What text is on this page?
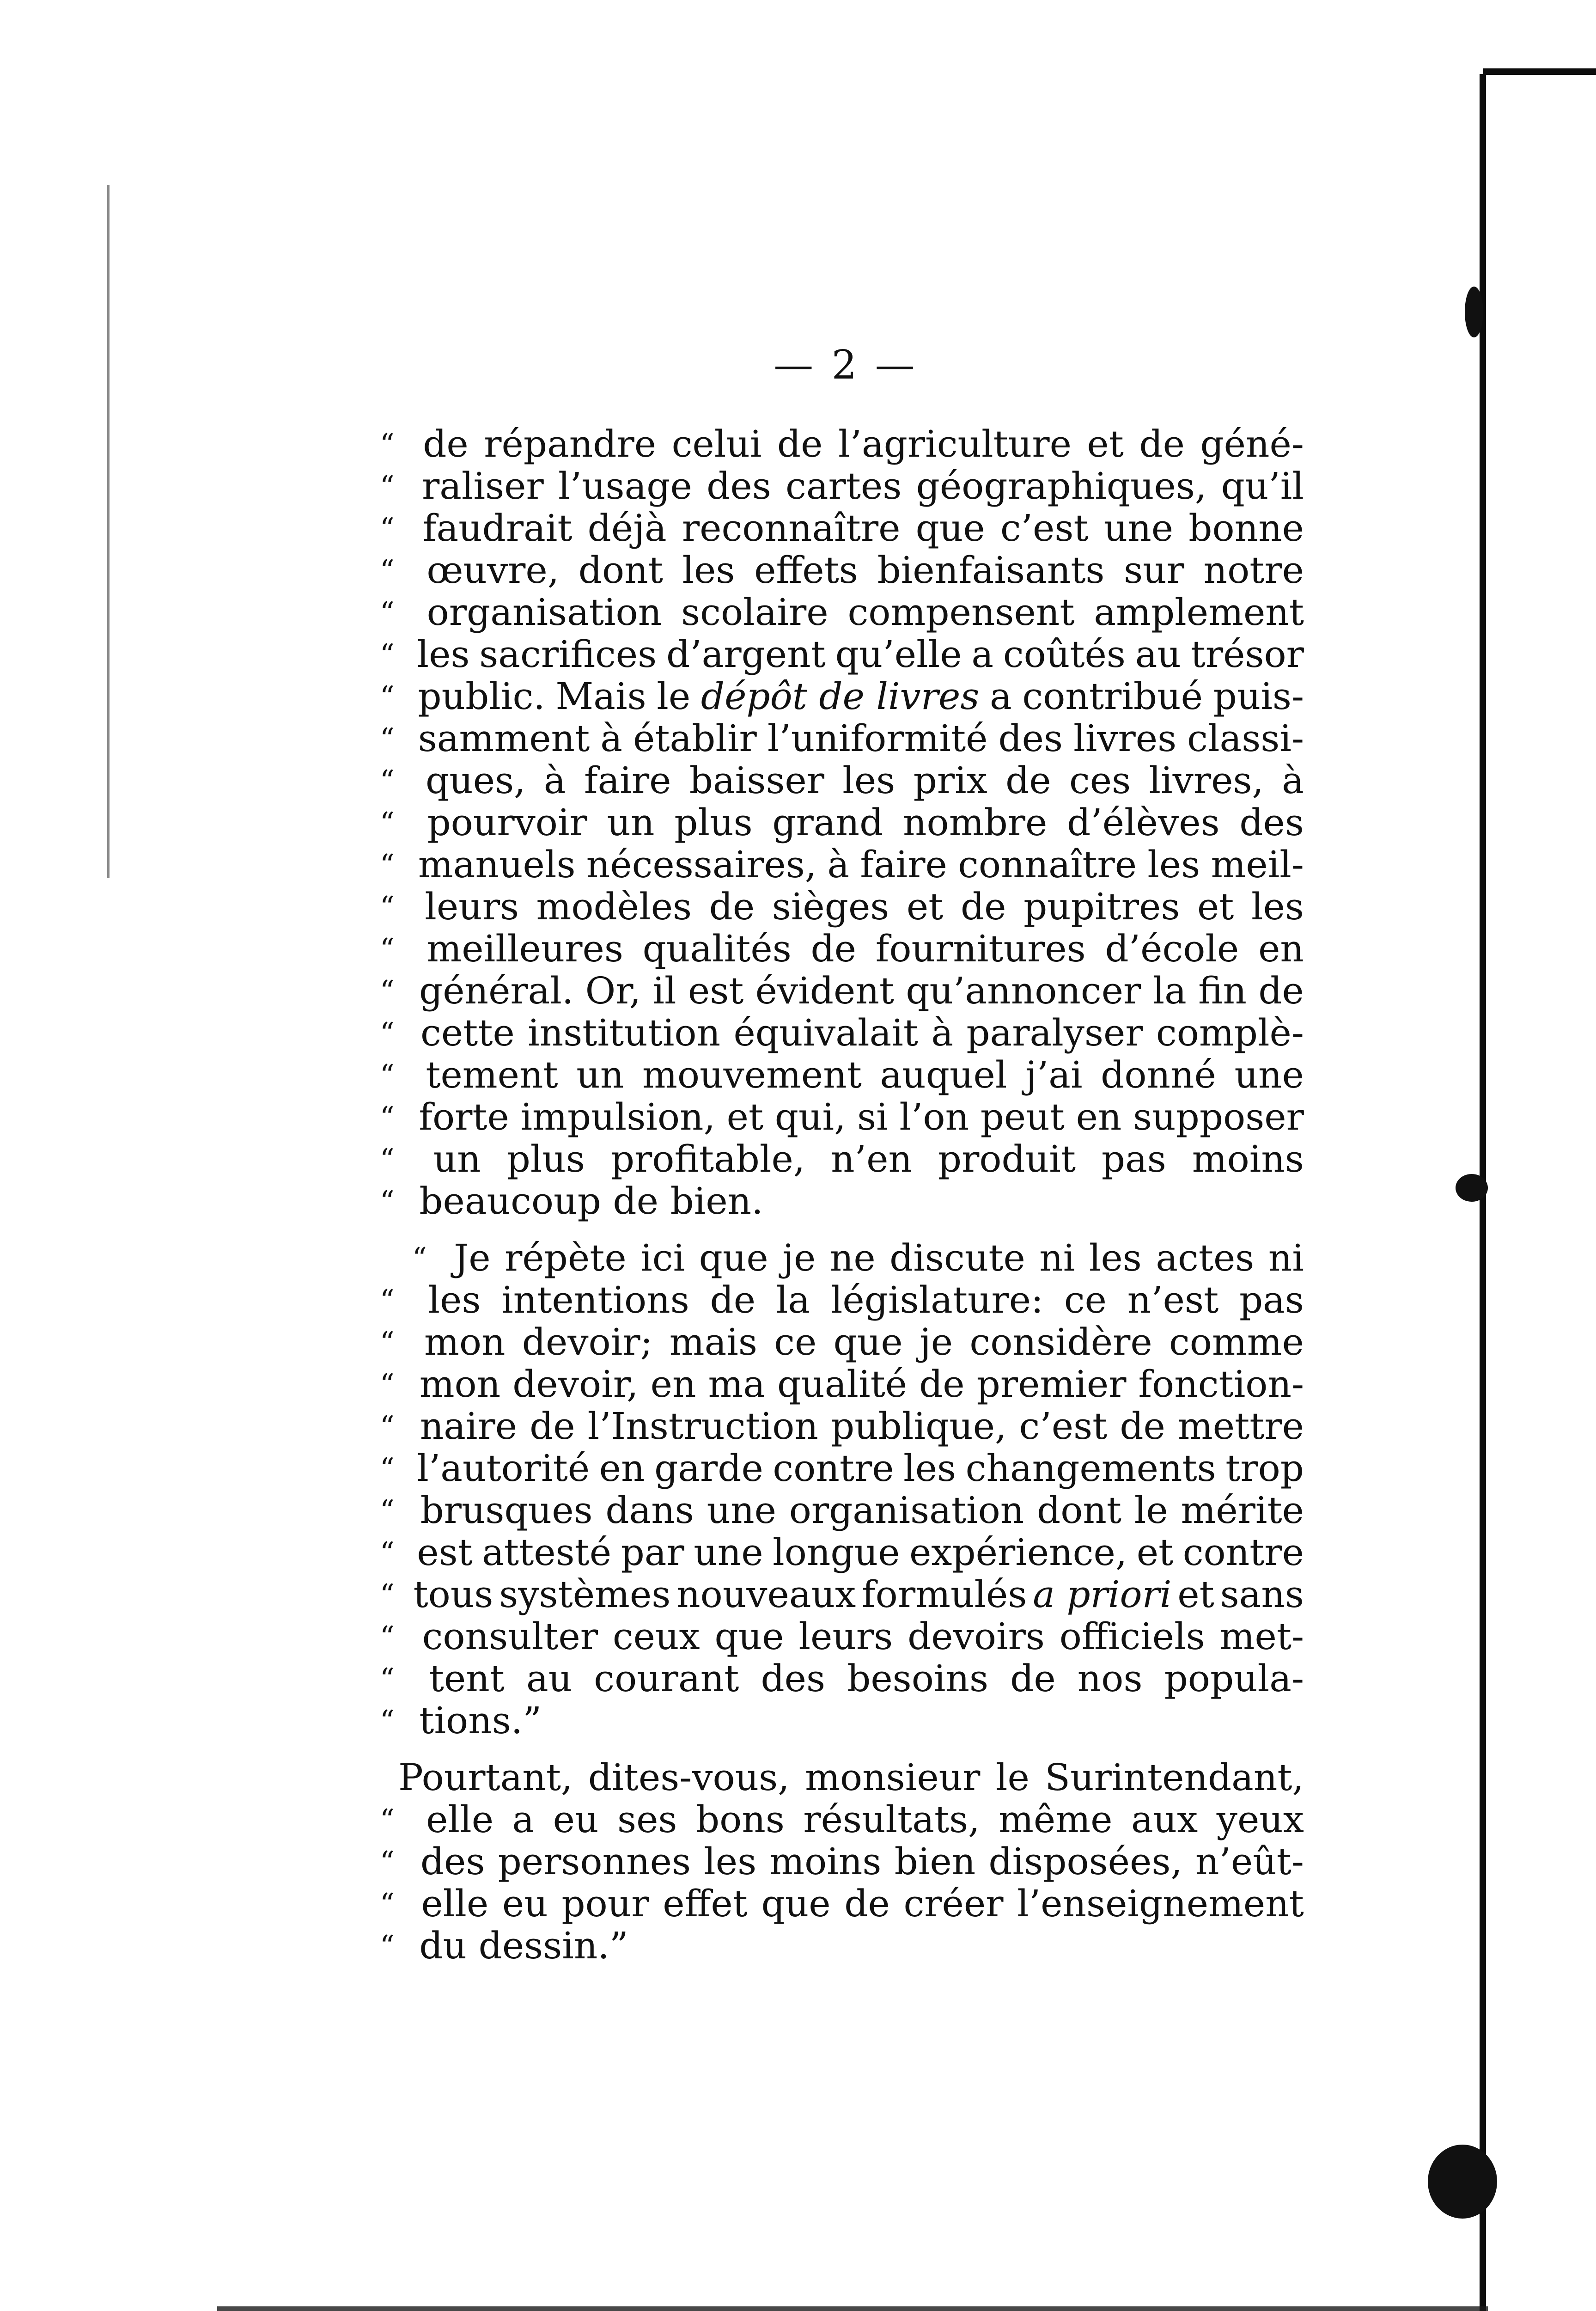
— 2 —
“ de répandre celui de l’agriculture et de géné-
“ raliser l’usage des cartes géographiques, qu’il
“ faudrait déjà reconnaître que c’est une bonne
“ œuvre, dont les effets bienfaisants sur notre
“ organisation scolaire compensent amplement
“ les sacrifices d’argent qu’elle a coûtés au trésor
“ public. Mais le dépôt de livres a contribué puis-
“ samment à établir l’uniformité des livres classi-
“ ques, à faire baisser les prix de ces livres, à
“ pourvoir un plus grand nombre d’élèves des
“ manuels nécessaires, à faire connaître les meil-
“ leurs modèles de sièges et de pupitres et les
“ meilleures qualités de fournitures d’école en
“ général. Or, il est évident qu’annoncer la fin de
“ cette institution équivalait à paralyser complè-
“ tement un mouvement auquel j’ai donné une
“ forte impulsion, et qui, si l’on peut en supposer
“ un plus profitable, n’en produit pas moins
“ beaucoup de bien.
“ Je répète ici que je ne discute ni les actes ni
“ les intentions de la législature: ce n’est pas
“ mon devoir; mais ce que je considère comme
“ mon devoir, en ma qualité de premier fonction-
“ naire de l’Instruction publique, c’est de mettre
“ l’autorité en garde contre les changements trop
“ brusques dans une organisation dont le mérite
“ est attesté par une longue expérience, et contre
“ tous systèmes nouveaux formulés a priori et sans
“ consulter ceux que leurs devoirs officiels met-
“ tent au courant des besoins de nos popula-
“ tions.”
Pourtant, dites-vous, monsieur le Surintendant,
“ elle a eu ses bons résultats, même aux yeux
“ des personnes les moins bien disposées, n’eût-
“ elle eu pour effet que de créer l’enseignement
“ du dessin.”
